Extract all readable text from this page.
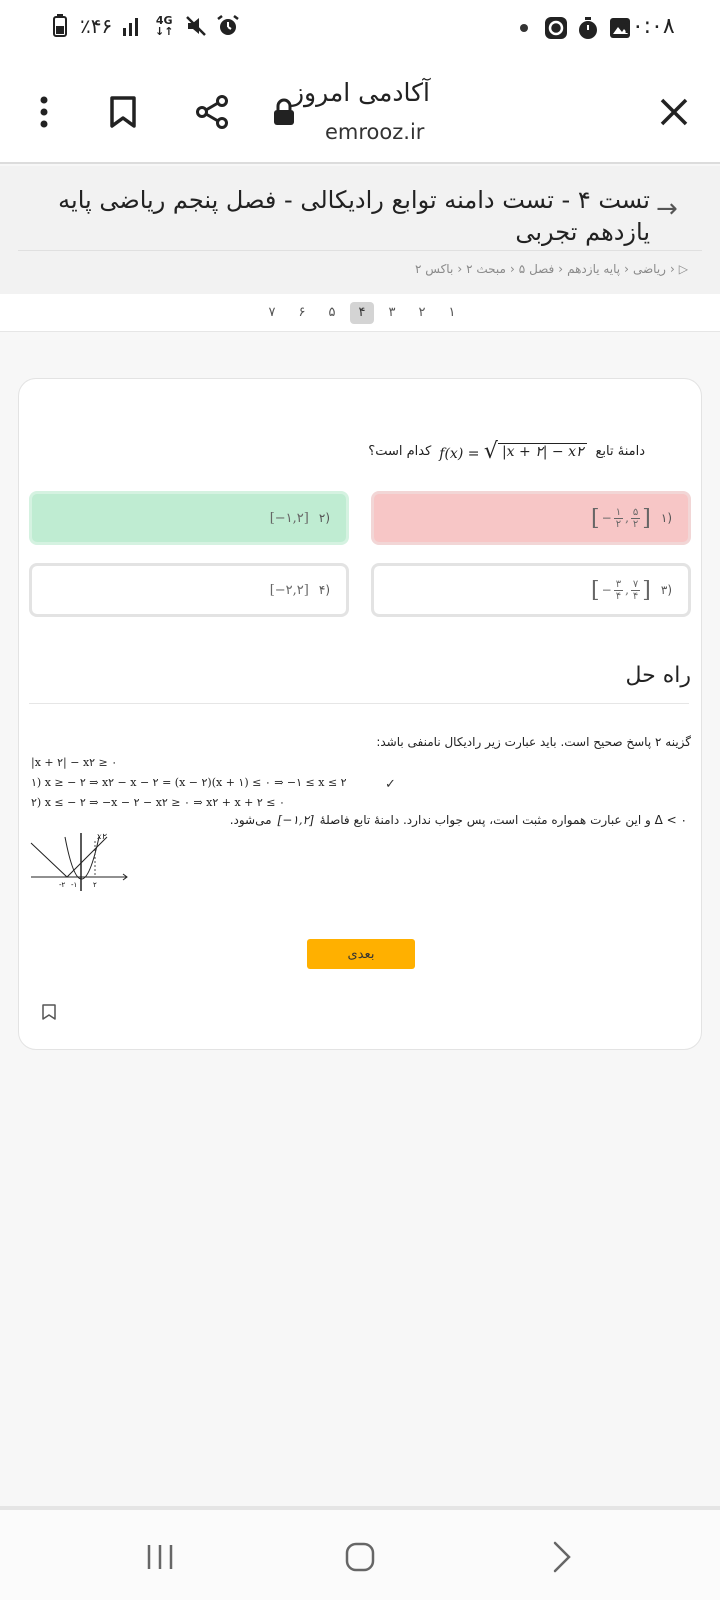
۱۰:۰۸
٪۴۶	4G
↓↑
آکادمی امروز
emrooz.ir
→
تست ۴ - تست دامنه توابع رادیکالی - فصل پنجم ریاضی پایه یازدهم تجربی
▷
‹
ریاضی
‹
پایه یازدهم
‹
فصل ۵
‹
مبحث ۲
‹
باکس ۲
۱
۲
۳
۴
۵
۶
۷
دامنهٔ تابع
f(x) = √ |x + ۲| − x۲
کدام است؟
(۱
[ − $\frac{۱}{۲}$ , $\frac{۵}{۲}$ ]
(۲
[−۱,۲]
(۳
[ − $\frac{۳}{۴}$ , $\frac{۷}{۴}$ ]
(۴
[−۲,۲]
راه حل
گزینه ۲ پاسخ صحیح است. باید عبارت زیر رادیکال نامنفی باشد:
|x + ۲| − x۲ ≥ ۰
۱) x ≥ − ۲ ⇒ x۲ − x − ۲ = (x − ۲)(x + ۱) ≤ ۰ ⇒ −۱ ≤ x ≤ ۲
۲) x ≤ − ۲ ⇒ −x − ۲ − x۲ ≥ ۰ ⇒ x۲ + x + ۲ ≤ ۰
✓
۰ > Δ و این عبارت همواره مثبت است، پس جواب ندارد. دامنهٔ تابع فاصلهٔ
[−۱,۲]
می‌شود.
x۲
-۲ -۱ ۲
بعدی
